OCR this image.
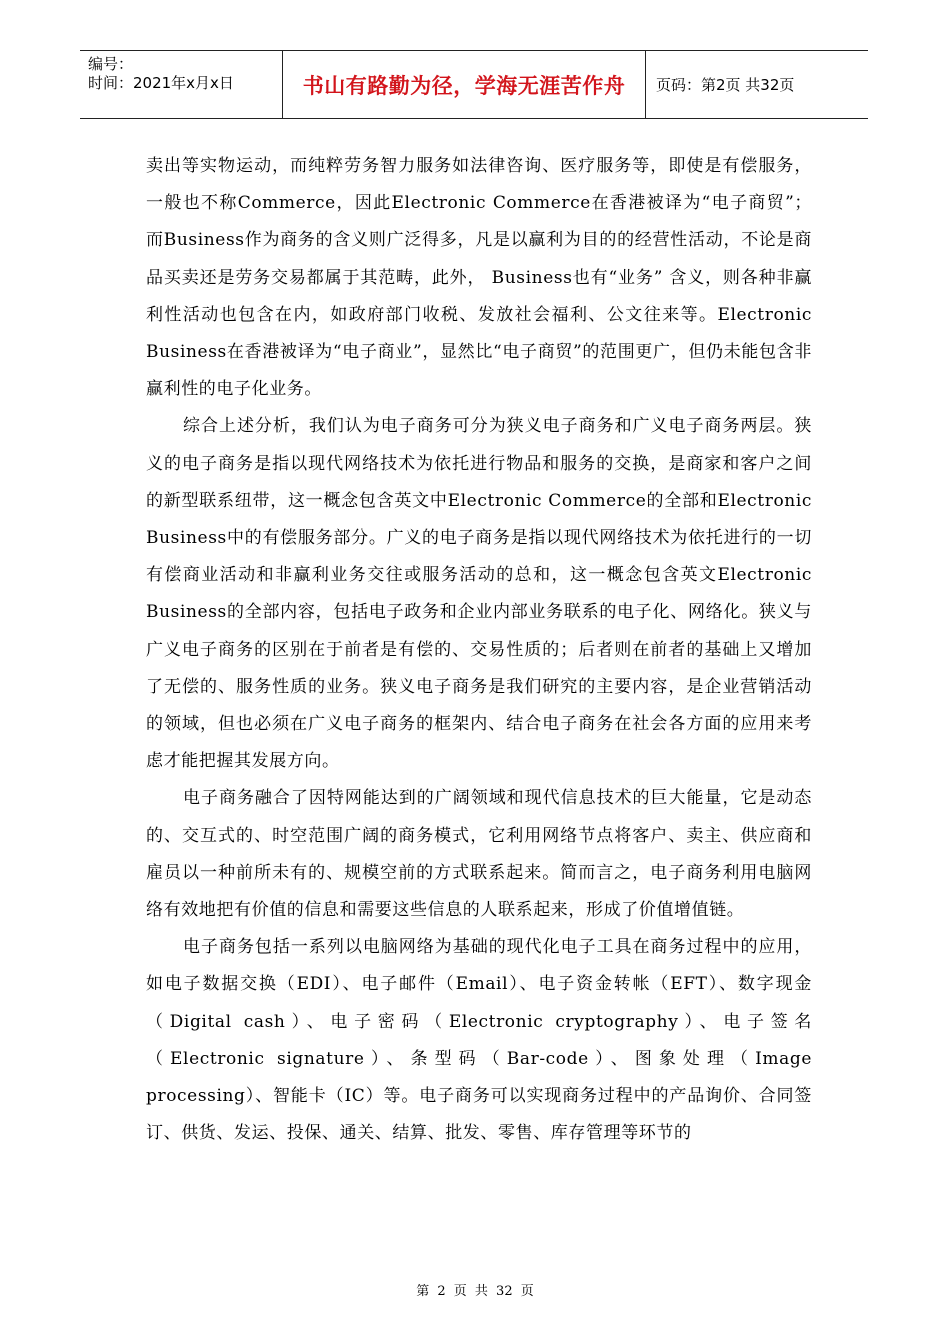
编号：
时间：2021年x月x日	书山有路勤为径，学海无涯苦作舟	页码：第2页 共32页

卖出等实物运动，而纯粹劳务智力服务如法律咨询、医疗服务等，即使是有偿服务，一般也不称Commerce，因此Electronic Commerce在香港被译为“电子商贸”；而Business作为商务的含义则广泛得多，凡是以赢利为目的的经营性活动，不论是商品买卖还是劳务交易都属于其范畴，此外， Business也有“业务” 含义，则各种非赢利性活动也包含在内，如政府部门收税、发放社会福利、公文往来等。Electronic Business在香港被译为“电子商业”，显然比“电子商贸”的范围更广，但仍未能包含非赢利性的电子化业务。

综合上述分析，我们认为电子商务可分为狭义电子商务和广义电子商务两层。狭义的电子商务是指以现代网络技术为依托进行物品和服务的交换，是商家和客户之间的新型联系纽带，这一概念包含英文中Electronic Commerce的全部和Electronic Business中的有偿服务部分。广义的电子商务是指以现代网络技术为依托进行的一切有偿商业活动和非赢利业务交往或服务活动的总和，这一概念包含英文Electronic Business的全部内容，包括电子政务和企业内部业务联系的电子化、网络化。狭义与广义电子商务的区别在于前者是有偿的、交易性质的；后者则在前者的基础上又增加了无偿的、服务性质的业务。狭义电子商务是我们研究的主要内容，是企业营销活动的领域，但也必须在广义电子商务的框架内、结合电子商务在社会各方面的应用来考虑才能把握其发展方向。

电子商务融合了因特网能达到的广阔领域和现代信息技术的巨大能量，它是动态的、交互式的、时空范围广阔的商务模式，它利用网络节点将客户、卖主、供应商和雇员以一种前所未有的、规模空前的方式联系起来。简而言之，电子商务利用电脑网络有效地把有价值的信息和需要这些信息的人联系起来，形成了价值增值链。

电子商务包括一系列以电脑网络为基础的现代化电子工具在商务过程中的应用，如电子数据交换（EDI）、电子邮件（Email）、电子资金转帐（EFT）、数字现金（Digital cash）、电子密码（Electronic cryptography）、电子签名（Electronic signature）、条型码（Bar-code）、图象处理（Image processing）、智能卡（IC）等。电子商务可以实现商务过程中的产品询价、合同签订、供货、发运、投保、通关、结算、批发、零售、库存管理等环节的

第 2 页 共 32 页
